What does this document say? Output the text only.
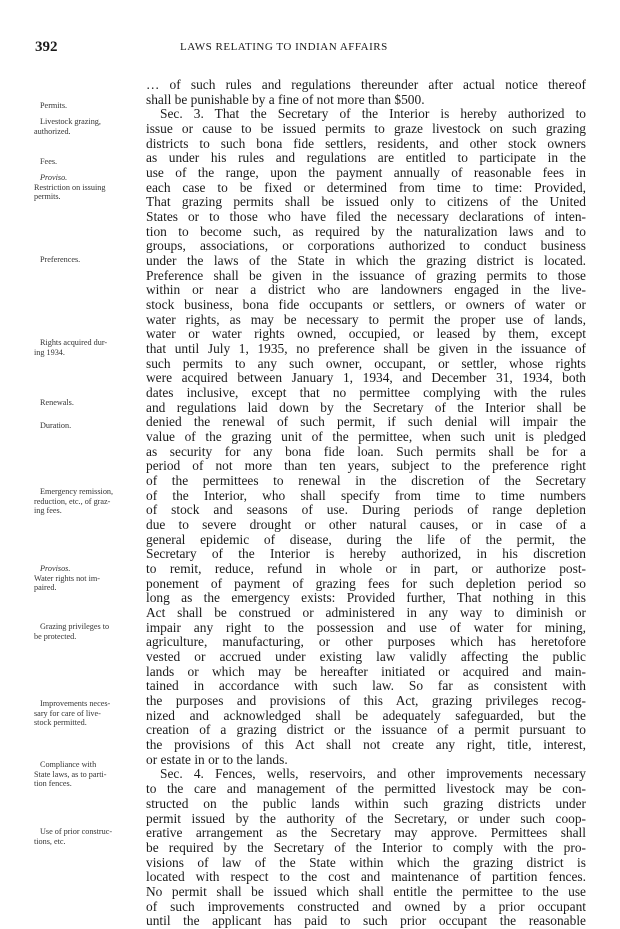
392	LAWS RELATING TO INDIAN AFFAIRS
… of such rules and regulations thereunder after actual notice thereof
shall be punishable by a fine of not more than $500.
Sec. 3. That the Secretary of the Interior is hereby authorized to
issue or cause to be issued permits to graze livestock on such grazing
districts to such bona fide settlers, residents, and other stock owners
as under his rules and regulations are entitled to participate in the
use of the range, upon the payment annually of reasonable fees in
each case to be fixed or determined from time to time: Provided,
That grazing permits shall be issued only to citizens of the United
States or to those who have filed the necessary declarations of inten-
tion to become such, as required by the naturalization laws and to
groups, associations, or corporations authorized to conduct business
under the laws of the State in which the grazing district is located.
Preference shall be given in the issuance of grazing permits to those
within or near a district who are landowners engaged in the live-
stock business, bona fide occupants or settlers, or owners of water or
water rights, as may be necessary to permit the proper use of lands,
water or water rights owned, occupied, or leased by them, except
that until July 1, 1935, no preference shall be given in the issuance of
such permits to any such owner, occupant, or settler, whose rights
were acquired between January 1, 1934, and December 31, 1934, both
dates inclusive, except that no permittee complying with the rules
and regulations laid down by the Secretary of the Interior shall be
denied the renewal of such permit, if such denial will impair the
value of the grazing unit of the permittee, when such unit is pledged
as security for any bona fide loan. Such permits shall be for a
period of not more than ten years, subject to the preference right
of the permittees to renewal in the discretion of the Secretary
of the Interior, who shall specify from time to time numbers
of stock and seasons of use. During periods of range depletion
due to severe drought or other natural causes, or in case of a
general epidemic of disease, during the life of the permit, the
Secretary of the Interior is hereby authorized, in his discretion
to remit, reduce, refund in whole or in part, or authorize post-
ponement of payment of grazing fees for such depletion period so
long as the emergency exists: Provided further, That nothing in this
Act shall be construed or administered in any way to diminish or
impair any right to the possession and use of water for mining,
agriculture, manufacturing, or other purposes which has heretofore
vested or accrued under existing law validly affecting the public
lands or which may be hereafter initiated or acquired and main-
tained in accordance with such law. So far as consistent with
the purposes and provisions of this Act, grazing privileges recog-
nized and acknowledged shall be adequately safeguarded, but the
creation of a grazing district or the issuance of a permit pursuant to
the provisions of this Act shall not create any right, title, interest,
or estate in or to the lands.
Sec. 4. Fences, wells, reservoirs, and other improvements necessary
to the care and management of the permitted livestock may be con-
structed on the public lands within such grazing districts under
permit issued by the authority of the Secretary, or under such coop-
erative arrangement as the Secretary may approve. Permittees shall
be required by the Secretary of the Interior to comply with the pro-
visions of law of the State within which the grazing district is
located with respect to the cost and maintenance of partition fences.
No permit shall be issued which shall entitle the permittee to the use
of such improvements constructed and owned by a prior occupant
until the applicant has paid to such prior occupant the reasonable
Permits.
Livestock grazing,
authorized.
Fees.
Proviso.
Restriction on issuing
permits.
Preferences.
Rights acquired dur-
ing 1934.
Renewals.
Duration.
Emergency remission,
reduction, etc., of graz-
ing fees.
Provisos.
Water rights not im-
paired.
Grazing privileges to
be protected.
Improvements neces-
sary for care of live-
stock permitted.
Compliance with
State laws, as to parti-
tion fences.
Use of prior construc-
tions, etc.
